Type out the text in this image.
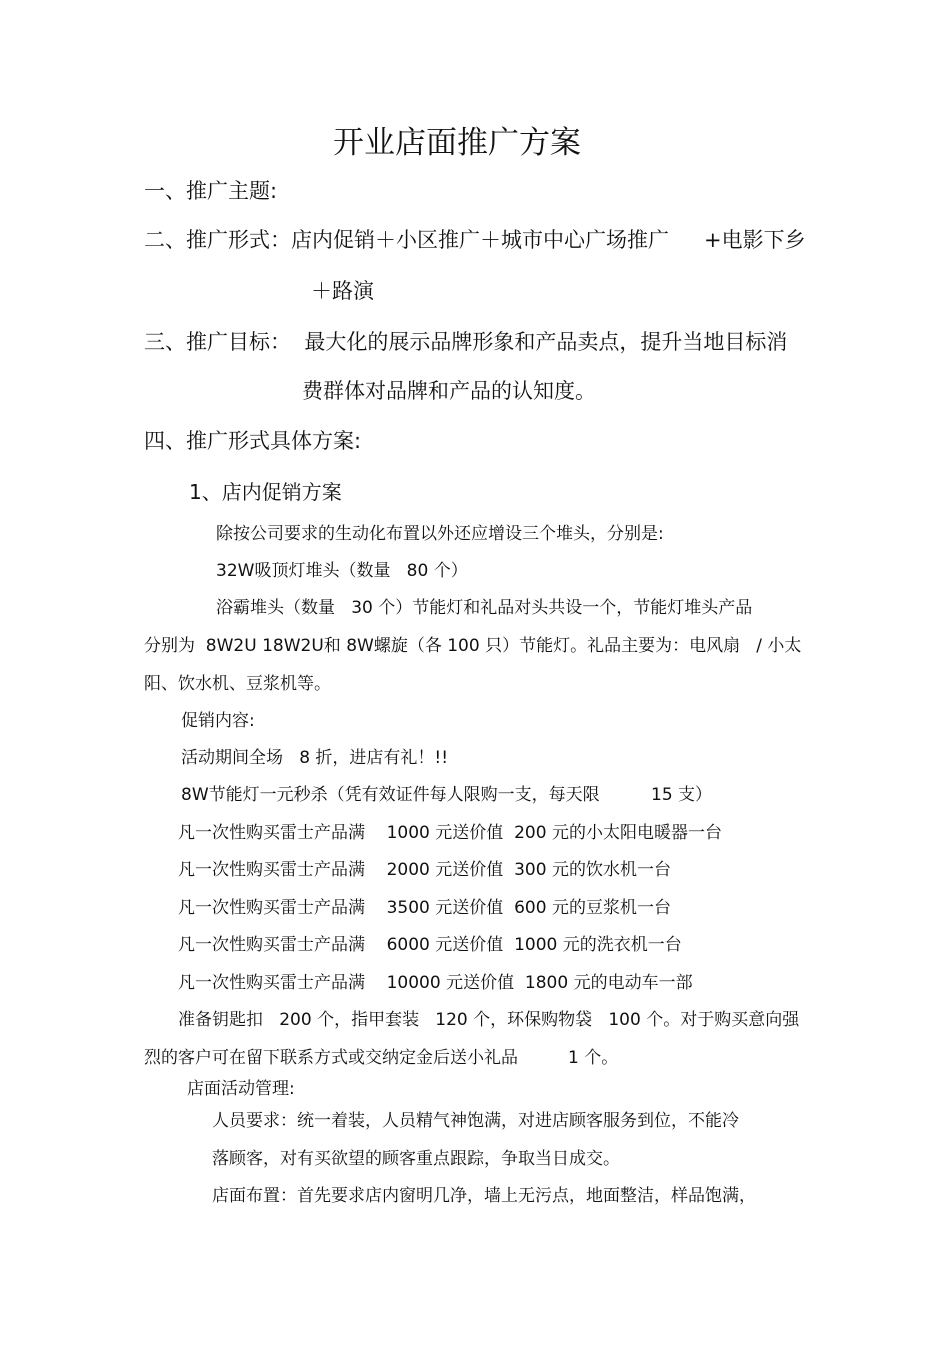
开业店面推广方案
一、推广主题:
二、推广形式：店内促销＋小区推广＋城市中心广场推广 +电影下乡
＋路演
三、推广目标：  最大化的展示品牌形象和产品卖点，提升当地目标消
费群体对品牌和产品的认知度。
四、推广形式具体方案:
1、店内促销方案
除按公司要求的生动化布置以外还应增设三个堆头，分别是:
32W吸顶灯堆头（数量   80 个）
浴霸堆头（数量   30 个）节能灯和礼品对头共设一个，节能灯堆头产品
分别为  8W2U 18W2U和 8W螺旋（各 100 只）节能灯。礼品主要为：电风扇   / 小太
阳、饮水机、豆浆机等。
促销内容:
活动期间全场   8 折，进店有礼！!!
8W节能灯一元秒杀（凭有效证件每人限购一支，每天限	15 支）
凡一次性购买雷士产品满    1000 元送价值  200 元的小太阳电暖器一台
凡一次性购买雷士产品满    2000 元送价值  300 元的饮水机一台
凡一次性购买雷士产品满    3500 元送价值  600 元的豆浆机一台
凡一次性购买雷士产品满    6000 元送价值  1000 元的洗衣机一台
凡一次性购买雷士产品满    10000 元送价值  1800 元的电动车一部
准备钥匙扣   200 个，指甲套装   120 个，环保购物袋   100 个。对于购买意向强
烈的客户可在留下联系方式或交纳定金后送小礼品	1 个。
店面活动管理:
人员要求：统一着装，人员精气神饱满，对进店顾客服务到位，不能冷
落顾客，对有买欲望的顾客重点跟踪，争取当日成交。
店面布置：首先要求店内窗明几净，墙上无污点，地面整洁，样品饱满，
